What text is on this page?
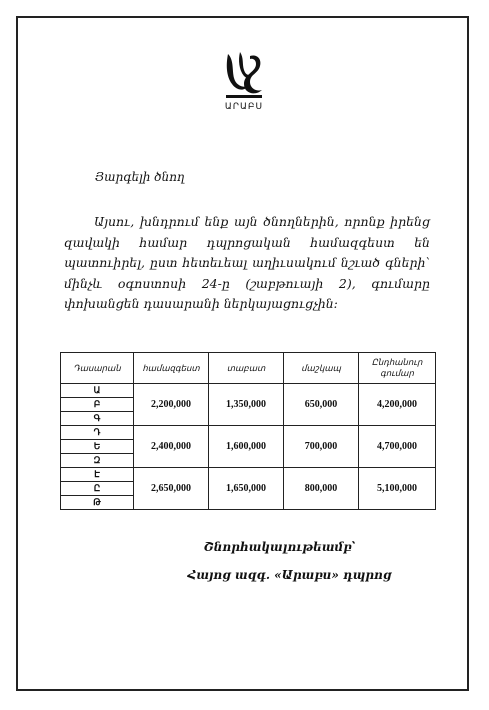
ԱՐԱԲՍ
Յարգելի ծնող
Այսու, խնդրում ենք այն ծնողներին, որոնք իրենց զավակի համար դպրոցական համազգեստ են պատուիրել, ըստ հետեւեալ աղիւսակում նշւած գների՝ մինչև օգոստոսի 24-ը (շաբթուայի 2), գումարը փոխանցեն դասարանի ներկայացուցչին։
Դասարան	համազգեստ	տաբատ	մաշկապ	Ընդհանուր գումար
Ա	2,200,000	1,350,000	650,000	4,200,000
Բ				
Գ				
Դ	2,400,000	1,600,000	700,000	4,700,000
Ե				
Զ				
Է	2,650,000	1,650,000	800,000	5,100,000
Ը				
Թ				
Շնորհակալութեամբ՝
Հայոց ազգ. «Արաբս» դպրոց
